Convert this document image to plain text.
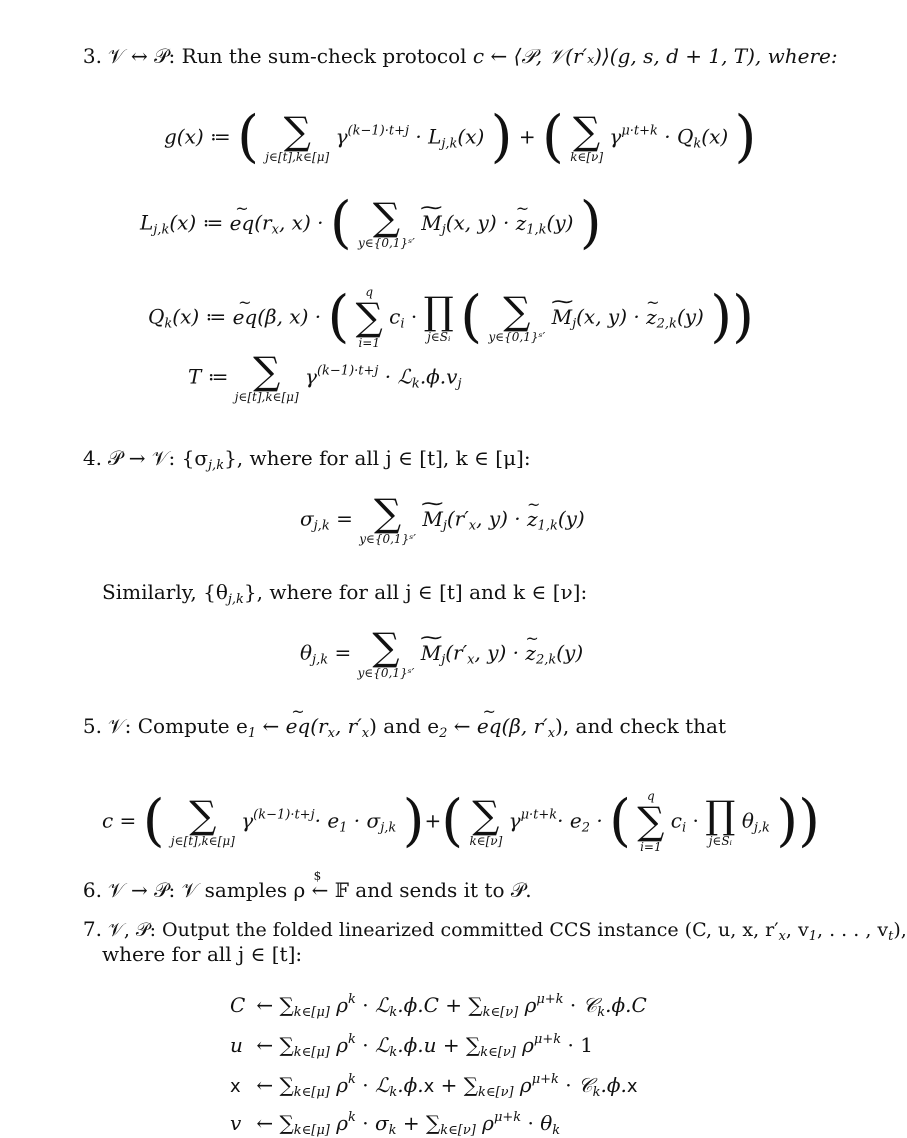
3. 𝒱 ↔ 𝒫: Run the sum-check protocol c ← ⟨𝒫, 𝒱(r′ₓ)⟩(g, s, d + 1, T), where:
g(x) ≔ ( ∑
j∈[t],k∈[μ]
$\gamma^{(k-1)\cdot t+j} \cdot L_{j,k}(x)$ ) + ( ∑
k∈[ν]
$\gamma^{\mu\cdot t+k} \cdot Q_k(x)$ )
$L_{j,k}(x)$ ≔ ~ $eq(r_x$, x) · ( ∑
y∈{0,1}ˢ′
∼ $M_j(x$, y) · ~ $z_{1,k}(y)$ )
$Q_k(x)$ ≔ ~ eq(β, x) · (	q
∑
i=1
$c_i$ · ∏
j∈Sᵢ ( ∑
y∈{0,1}ˢ′
∼ $M_j(x$, y) · ~ $z_{2,k}(y)$ ))
T ≔ ∑
j∈[t],k∈[μ]
$\gamma^{(k-1)\cdot t+j}$ · $ℒ_k.\phi.v_j$
4. 𝒫 → 𝒱: $\{\sigma_{j,k}\}$, where for all j ∈ [t], k ∈ [μ]:
$\sigma_{j,k}$ = ∑
y∈{0,1}ˢ′
∼ $M_j(r'_x$, y) · ~ $z_{1,k}(y)$
Similarly, $\{\theta_{j,k}\}$, where for all j ∈ [t] and k ∈ [ν]:
$\theta_{j,k}$ = ∑
y∈{0,1}ˢ′
∼ $M_j(r'_x$, y) · ~ $z_{2,k}(y)$
5. 𝒱: Compute $e_1$ ← ~ $eq(r_x$, $r'_x$) and $e_2$ ← ~ eq(β, $r'_x$), and check that
c = ( ∑
j∈[t],k∈[μ]
$\gamma^{(k-1)\cdot t+j}\cdot e_1 \cdot \sigma_{j,k}$ )+( ∑
k∈[ν]
$\gamma^{\mu\cdot t+k}\cdot e_2$ · (	q
∑
i=1
$c_i$ · ∏
j∈Sᵢ
$\theta_{j,k}$ ))
6. 𝒱 → 𝒫: 𝒱 samples ρ $ ← 𝔽 and sends it to 𝒫.
7. 𝒱, 𝒫: Output the folded linearized committed CCS instance (C, u, x, $r'_x$, $v_1$, . . . , $v_t$),
where for all j ∈ [t]:
C ← $\sum_{k\in[\mu]}$ $\rho^k$ · ℒ$_k$.ϕ.C + $\sum_{k\in[\nu]}$ $\rho^{\mu+k}$ · 𝒞$_k$.ϕ.C
u ← $\sum_{k\in[\mu]}$ $\rho^k$ · ℒ$_k$.ϕ.u + $\sum_{k\in[\nu]}$ $\rho^{\mu+k} \cdot 1$
x ← $\sum_{k\in[\mu]}$ $\rho^k$ · ℒ$_k$.ϕ.x + $\sum_{k\in[\nu]}$ $\rho^{\mu+k}$ · 𝒞$_k$.ϕ.x
v ← $\sum_{k\in[\mu]}$ $\rho^k \cdot \sigma_k + \sum_{k\in[\nu]}$ $\rho^{\mu+k} \cdot \theta_k$
